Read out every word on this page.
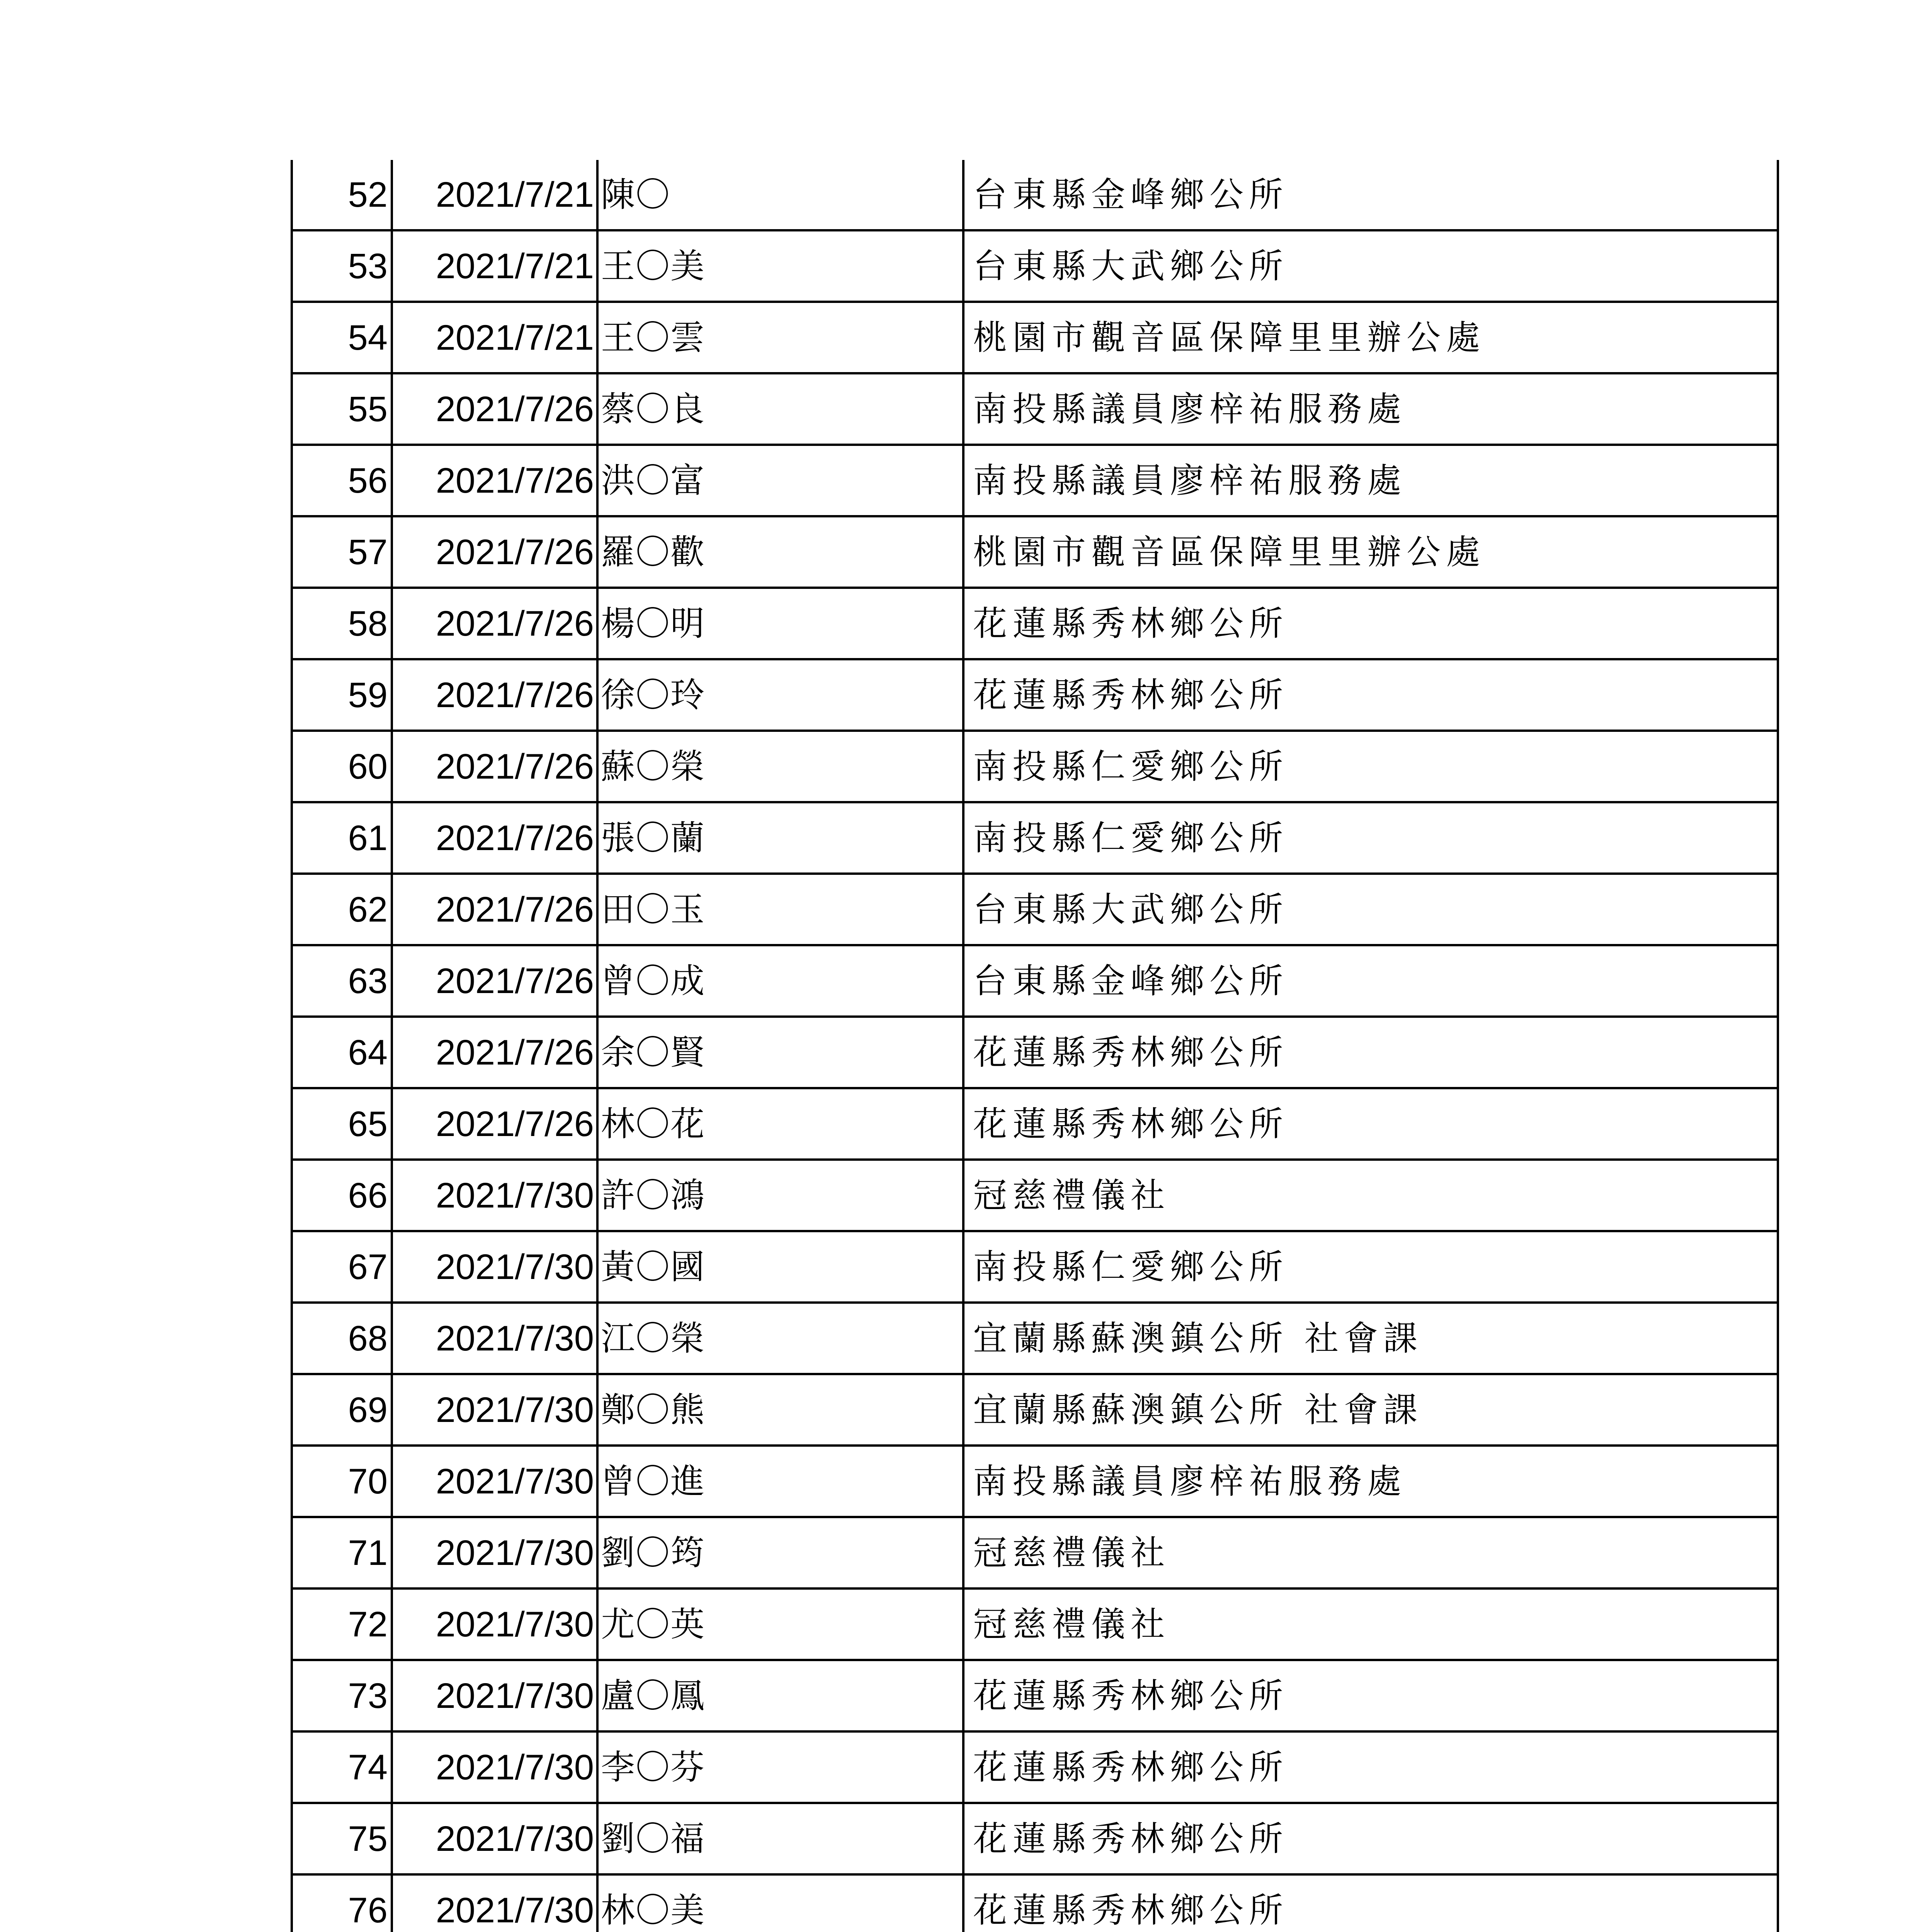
52	2021/7/21	陳〇	台東縣金峰鄉公所
53	2021/7/21	王〇美	台東縣大武鄉公所
54	2021/7/21	王〇雲	桃園市觀音區保障里里辦公處
55	2021/7/26	蔡〇良	南投縣議員廖梓祐服務處
56	2021/7/26	洪〇富	南投縣議員廖梓祐服務處
57	2021/7/26	羅〇歡	桃園市觀音區保障里里辦公處
58	2021/7/26	楊〇明	花蓮縣秀林鄉公所
59	2021/7/26	徐〇玲	花蓮縣秀林鄉公所
60	2021/7/26	蘇〇榮	南投縣仁愛鄉公所
61	2021/7/26	張〇蘭	南投縣仁愛鄉公所
62	2021/7/26	田〇玉	台東縣大武鄉公所
63	2021/7/26	曾〇成	台東縣金峰鄉公所
64	2021/7/26	余〇賢	花蓮縣秀林鄉公所
65	2021/7/26	林〇花	花蓮縣秀林鄉公所
66	2021/7/30	許〇鴻	冠慈禮儀社
67	2021/7/30	黃〇國	南投縣仁愛鄉公所
68	2021/7/30	江〇榮	宜蘭縣蘇澳鎮公所 社會課
69	2021/7/30	鄭〇熊	宜蘭縣蘇澳鎮公所 社會課
70	2021/7/30	曾〇進	南投縣議員廖梓祐服務處
71	2021/7/30	劉〇筠	冠慈禮儀社
72	2021/7/30	尤〇英	冠慈禮儀社
73	2021/7/30	盧〇鳳	花蓮縣秀林鄉公所
74	2021/7/30	李〇芬	花蓮縣秀林鄉公所
75	2021/7/30	劉〇福	花蓮縣秀林鄉公所
76	2021/7/30	林〇美	花蓮縣秀林鄉公所
